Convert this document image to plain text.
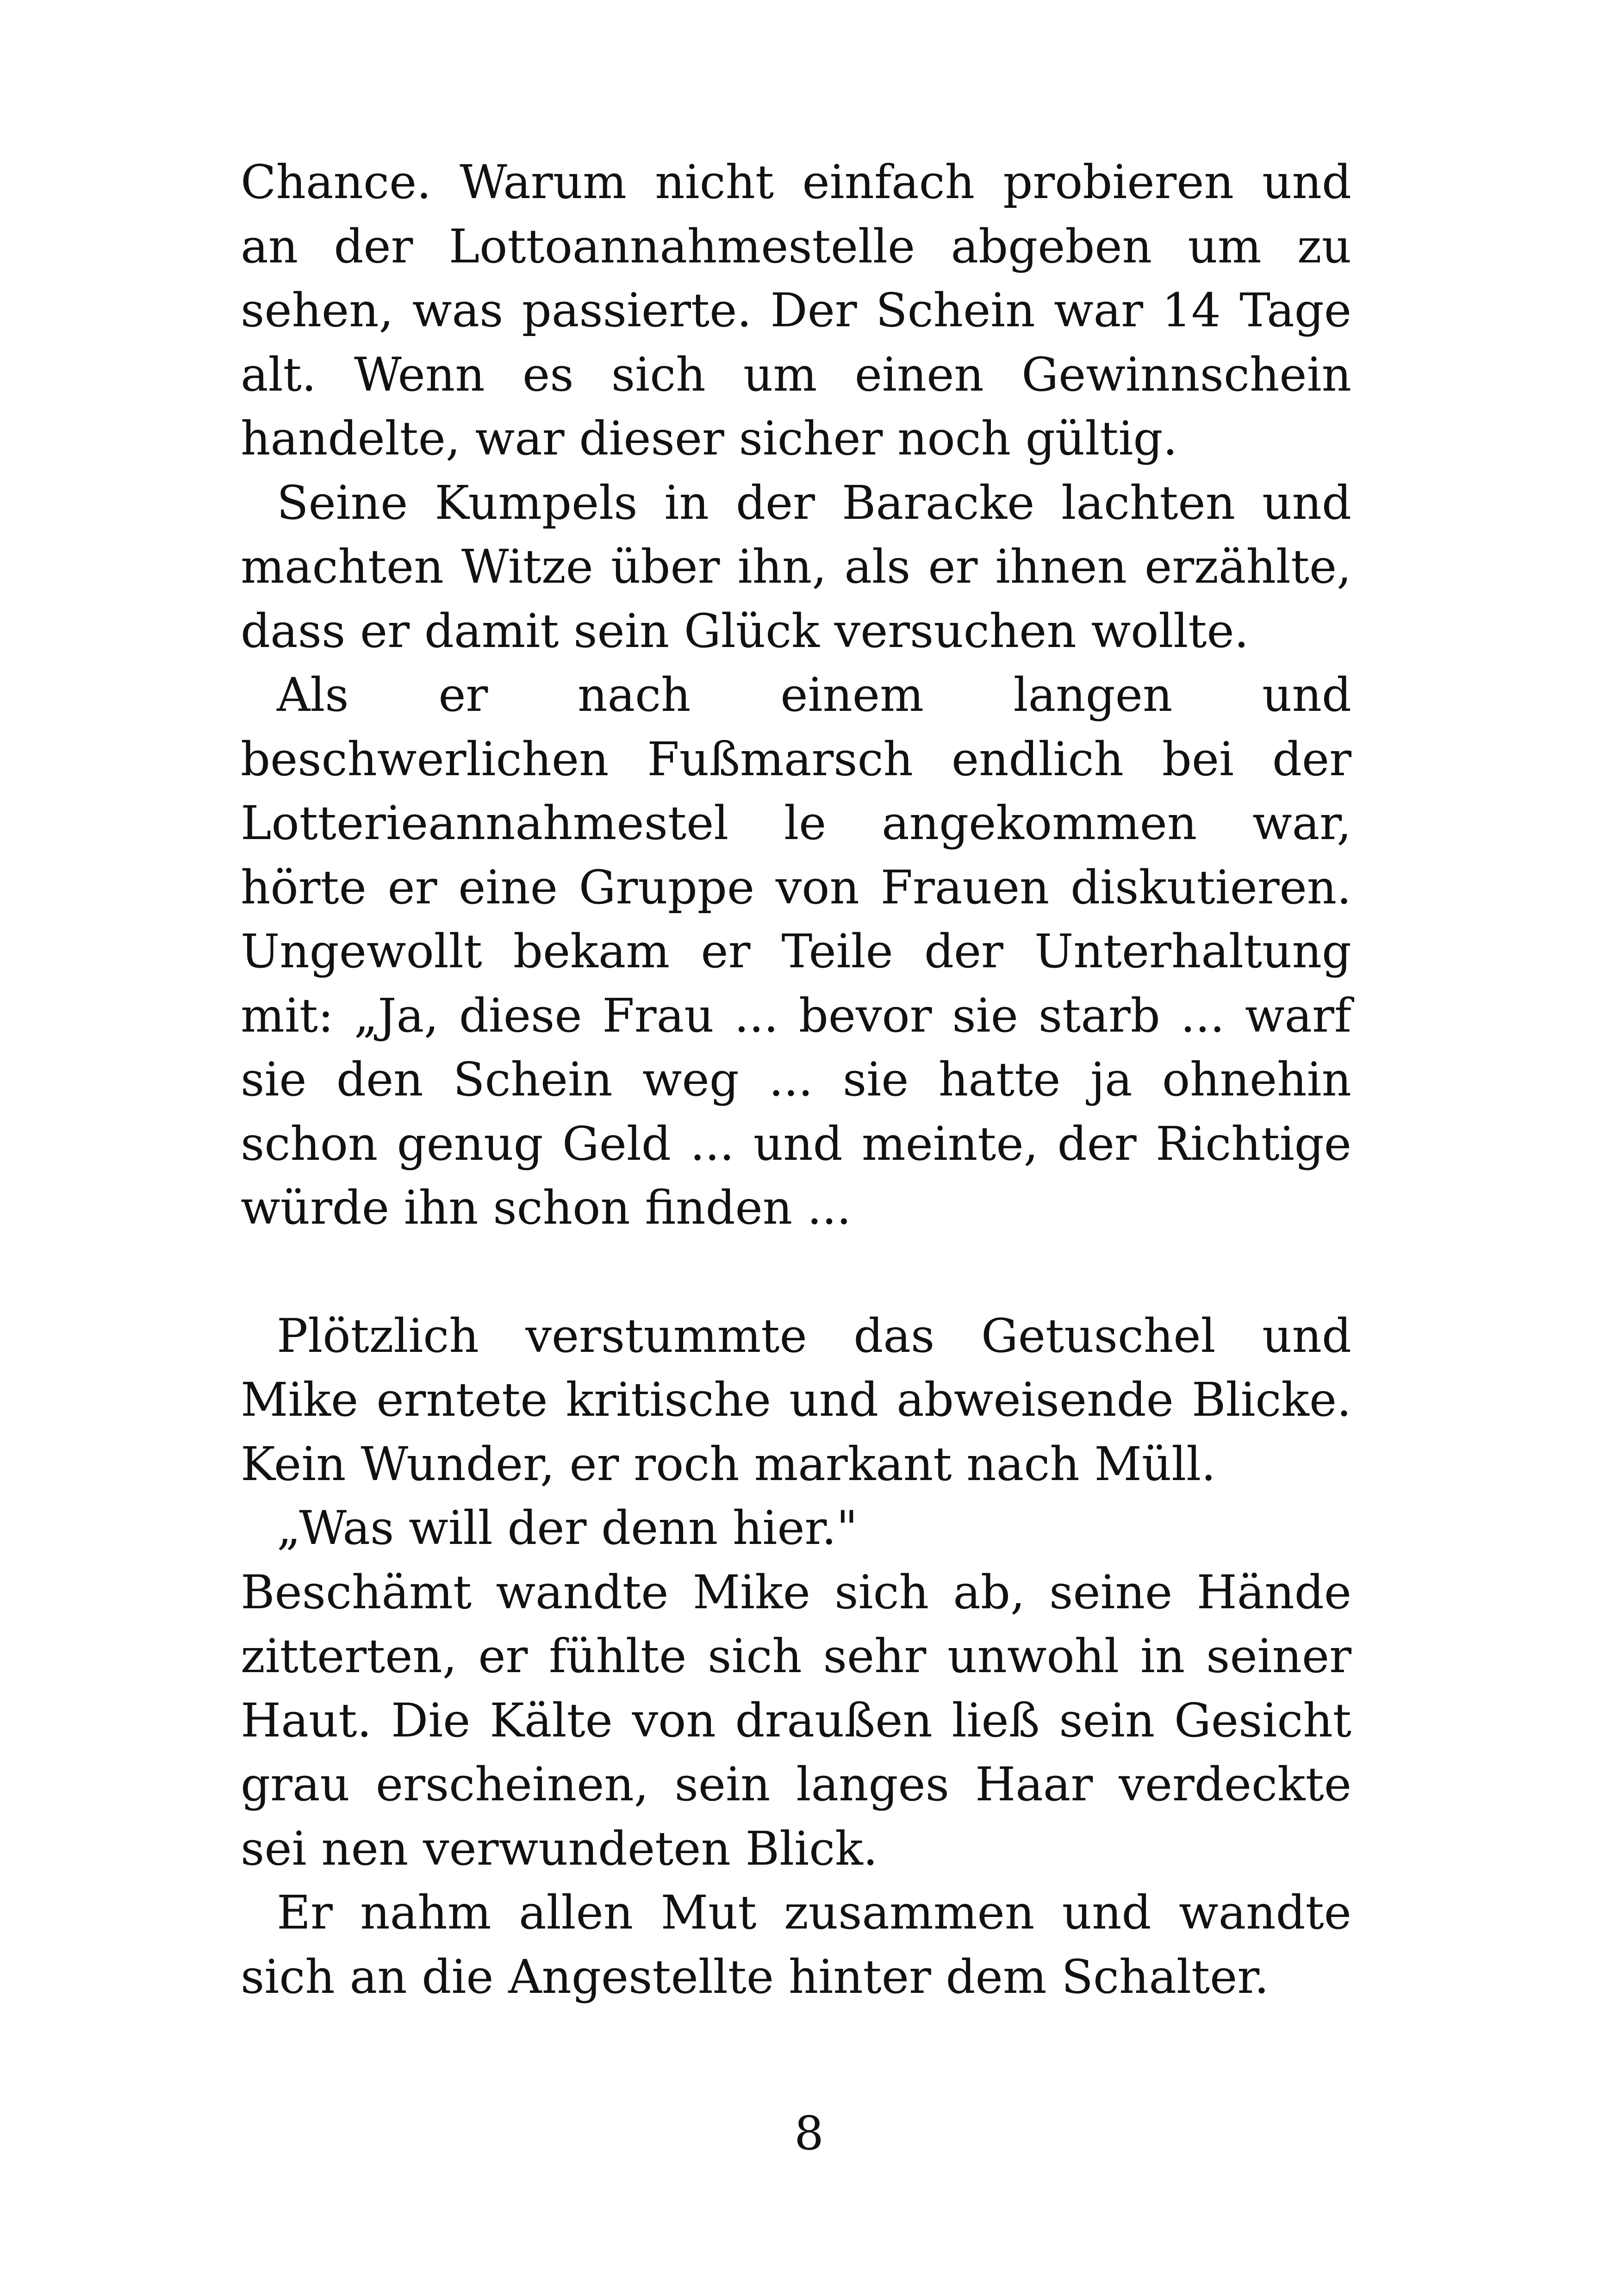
Chance. Warum nicht einfach probieren und an der Lottoannahmestelle abgeben um zu sehen, was passierte. Der Schein war 14 Tage alt. Wenn es sich um einen Gewinnschein handelte, war dieser sicher noch gültig.

Seine Kumpels in der Baracke lachten und machten Witze über ihn, als er ihnen erzählte, dass er damit sein Glück versuchen wollte.

Als er nach einem langen und beschwerlichen Fußmarsch endlich bei der Lotterieannahmestel le angekommen war, hörte er eine Gruppe von Frauen diskutieren. Ungewollt bekam er Teile der Unterhaltung mit: „Ja, diese Frau ... bevor sie starb ... warf sie den Schein weg ... sie hatte ja ohnehin schon genug Geld ... und meinte, der Richtige würde ihn schon finden ...

Plötzlich verstummte das Getuschel und Mike erntete kritische und abweisende Blicke. Kein Wunder, er roch markant nach Müll.

„Was will der denn hier."

Beschämt wandte Mike sich ab, seine Hände zitterten, er fühlte sich sehr unwohl in seiner Haut. Die Kälte von draußen ließ sein Gesicht grau erscheinen, sein langes Haar verdeckte sei nen verwundeten Blick.

Er nahm allen Mut zusammen und wandte sich an die Angestellte hinter dem Schalter.

8
